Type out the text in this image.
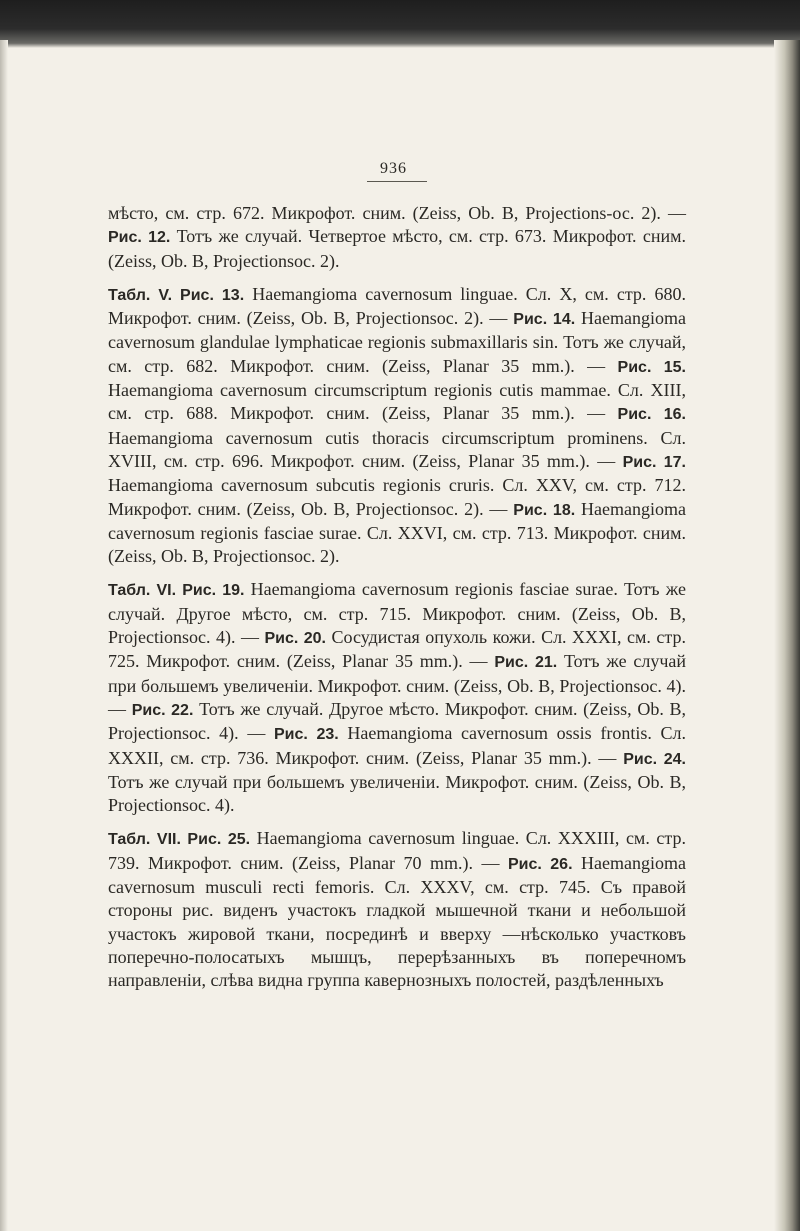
936

мѣсто, см. стр. 672. Микрофот. сним. (Zeiss, Ob. B, Projections-ос. 2). — Рис. 12. Тотъ же случай. Четвертое мѣсто, см. стр. 673. Микрофот. сним. (Zeiss, Ob. B, Projectionsoc. 2).

Табл. V. Рис. 13. Haemangioma cavernosum linguae. Сл. X, см. стр. 680. Микрофот. сним. (Zeiss, Ob. B, Projectionsoc. 2). — Рис. 14. Haemangioma cavernosum glandulae lymphaticae regionis submaxillaris sin. Тотъ же случай, см. стр. 682. Микрофот. сним. (Zeiss, Planar 35 mm.). — Рис. 15. Haemangioma cavernosum circumscriptum regionis cutis mammae. Сл. XIII, см. стр. 688. Микрофот. сним. (Zeiss, Planar 35 mm.). — Рис. 16. Haemangioma cavernosum cutis thoracis circumscriptum prominens. Сл. XVIII, см. стр. 696. Микрофот. сним. (Zeiss, Planar 35 mm.). — Рис. 17. Haemangioma cavernosum subcutis regionis cruris. Сл. XXV, см. стр. 712. Микрофот. сним. (Zeiss, Ob. B, Projectionsoc. 2). — Рис. 18. Haemangioma cavernosum regionis fasciae surae. Сл. XXVI, см. стр. 713. Микрофот. сним. (Zeiss, Ob. B, Projectionsoc. 2).

Табл. VI. Рис. 19. Haemangioma cavernosum regionis fasciae surae. Тотъ же случай. Другое мѣсто, см. стр. 715. Микрофот. сним. (Zeiss, Ob. B, Projectionsoc. 4). — Рис. 20. Сосудистая опухоль кожи. Сл. XXXI, см. стр. 725. Микрофот. сним. (Zeiss, Planar 35 mm.). — Рис. 21. Тотъ же случай при большемъ увеличеніи. Микрофот. сним. (Zeiss, Ob. B, Projectionsoc. 4). — Рис. 22. Тотъ же случай. Другое мѣсто. Микрофот. сним. (Zeiss, Ob. B, Projectionsoc. 4). — Рис. 23. Haemangioma cavernosum ossis frontis. Сл. XXXII, см. стр. 736. Микрофот. сним. (Zeiss, Planar 35 mm.). — Рис. 24. Тотъ же случай при большемъ увеличеніи. Микрофот. сним. (Zeiss, Ob. B, Projectionsoc. 4).

Табл. VII. Рис. 25. Haemangioma cavernosum linguae. Сл. XXXIII, см. стр. 739. Микрофот. сним. (Zeiss, Planar 70 mm.). — Рис. 26. Haemangioma cavernosum musculi recti femoris. Сл. XXXV, см. стр. 745. Съ правой стороны рис. виденъ участокъ гладкой мышечной ткани и небольшой участокъ жировой ткани, посрединѣ и вверху —нѣсколько участковъ поперечно-полосатыхъ мышцъ, перерѣзанныхъ въ поперечномъ направленіи, слѣва видна группа кавернозныхъ полостей, раздѣленныхъ
